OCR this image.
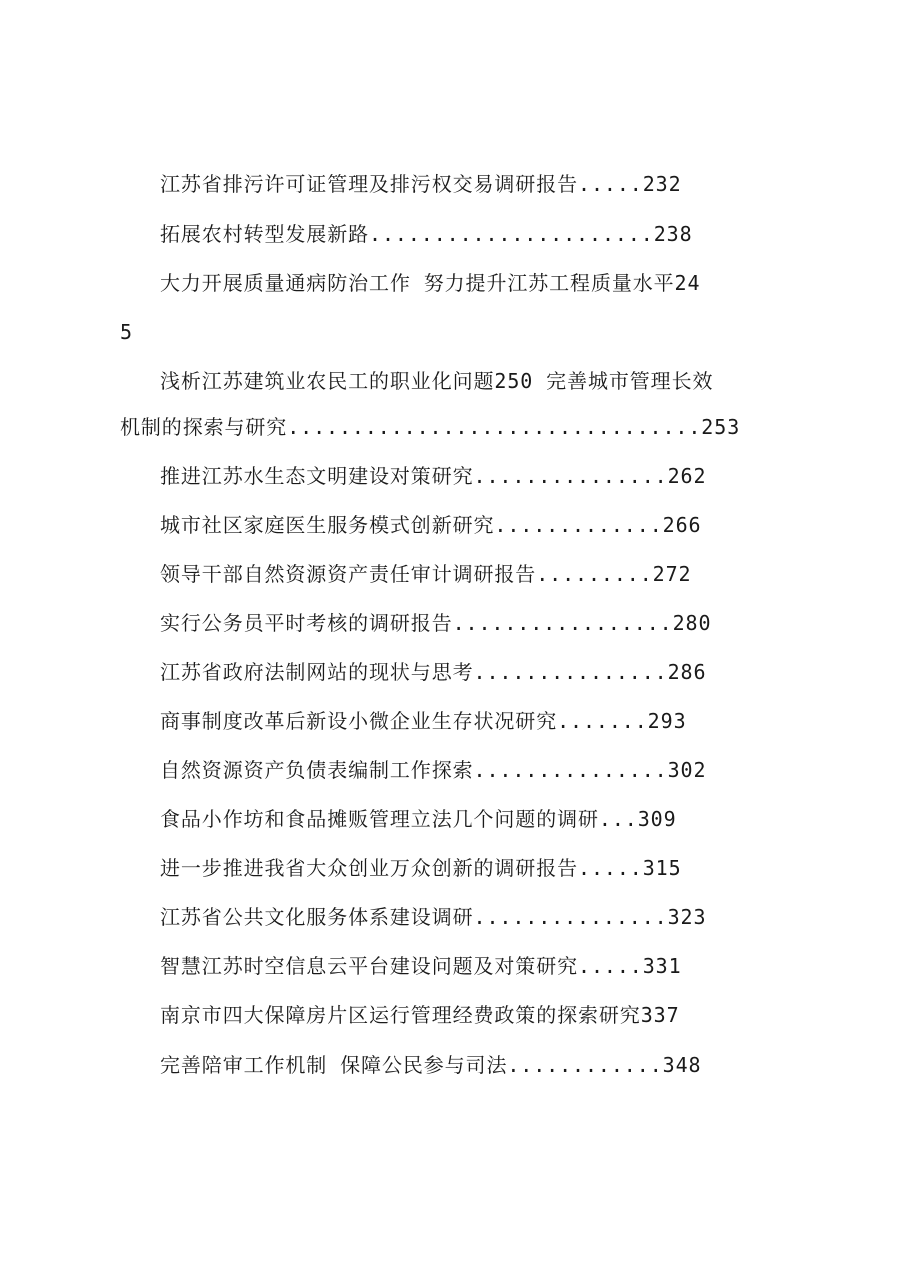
江苏省排污许可证管理及排污权交易调研报告.....232
拓展农村转型发展新路......................238
大力开展质量通病防治工作 努力提升江苏工程质量水平24
5
浅析江苏建筑业农民工的职业化问题250 完善城市管理长效
机制的探索与研究................................253
推进江苏水生态文明建设对策研究...............262
城市社区家庭医生服务模式创新研究.............266
领导干部自然资源资产责任审计调研报告.........272
实行公务员平时考核的调研报告.................280
江苏省政府法制网站的现状与思考...............286
商事制度改革后新设小微企业生存状况研究.......293
自然资源资产负债表编制工作探索...............302
食品小作坊和食品摊贩管理立法几个问题的调研...309
进一步推进我省大众创业万众创新的调研报告.....315
江苏省公共文化服务体系建设调研...............323
智慧江苏时空信息云平台建设问题及对策研究.....331
南京市四大保障房片区运行管理经费政策的探索研究337
完善陪审工作机制 保障公民参与司法............348
